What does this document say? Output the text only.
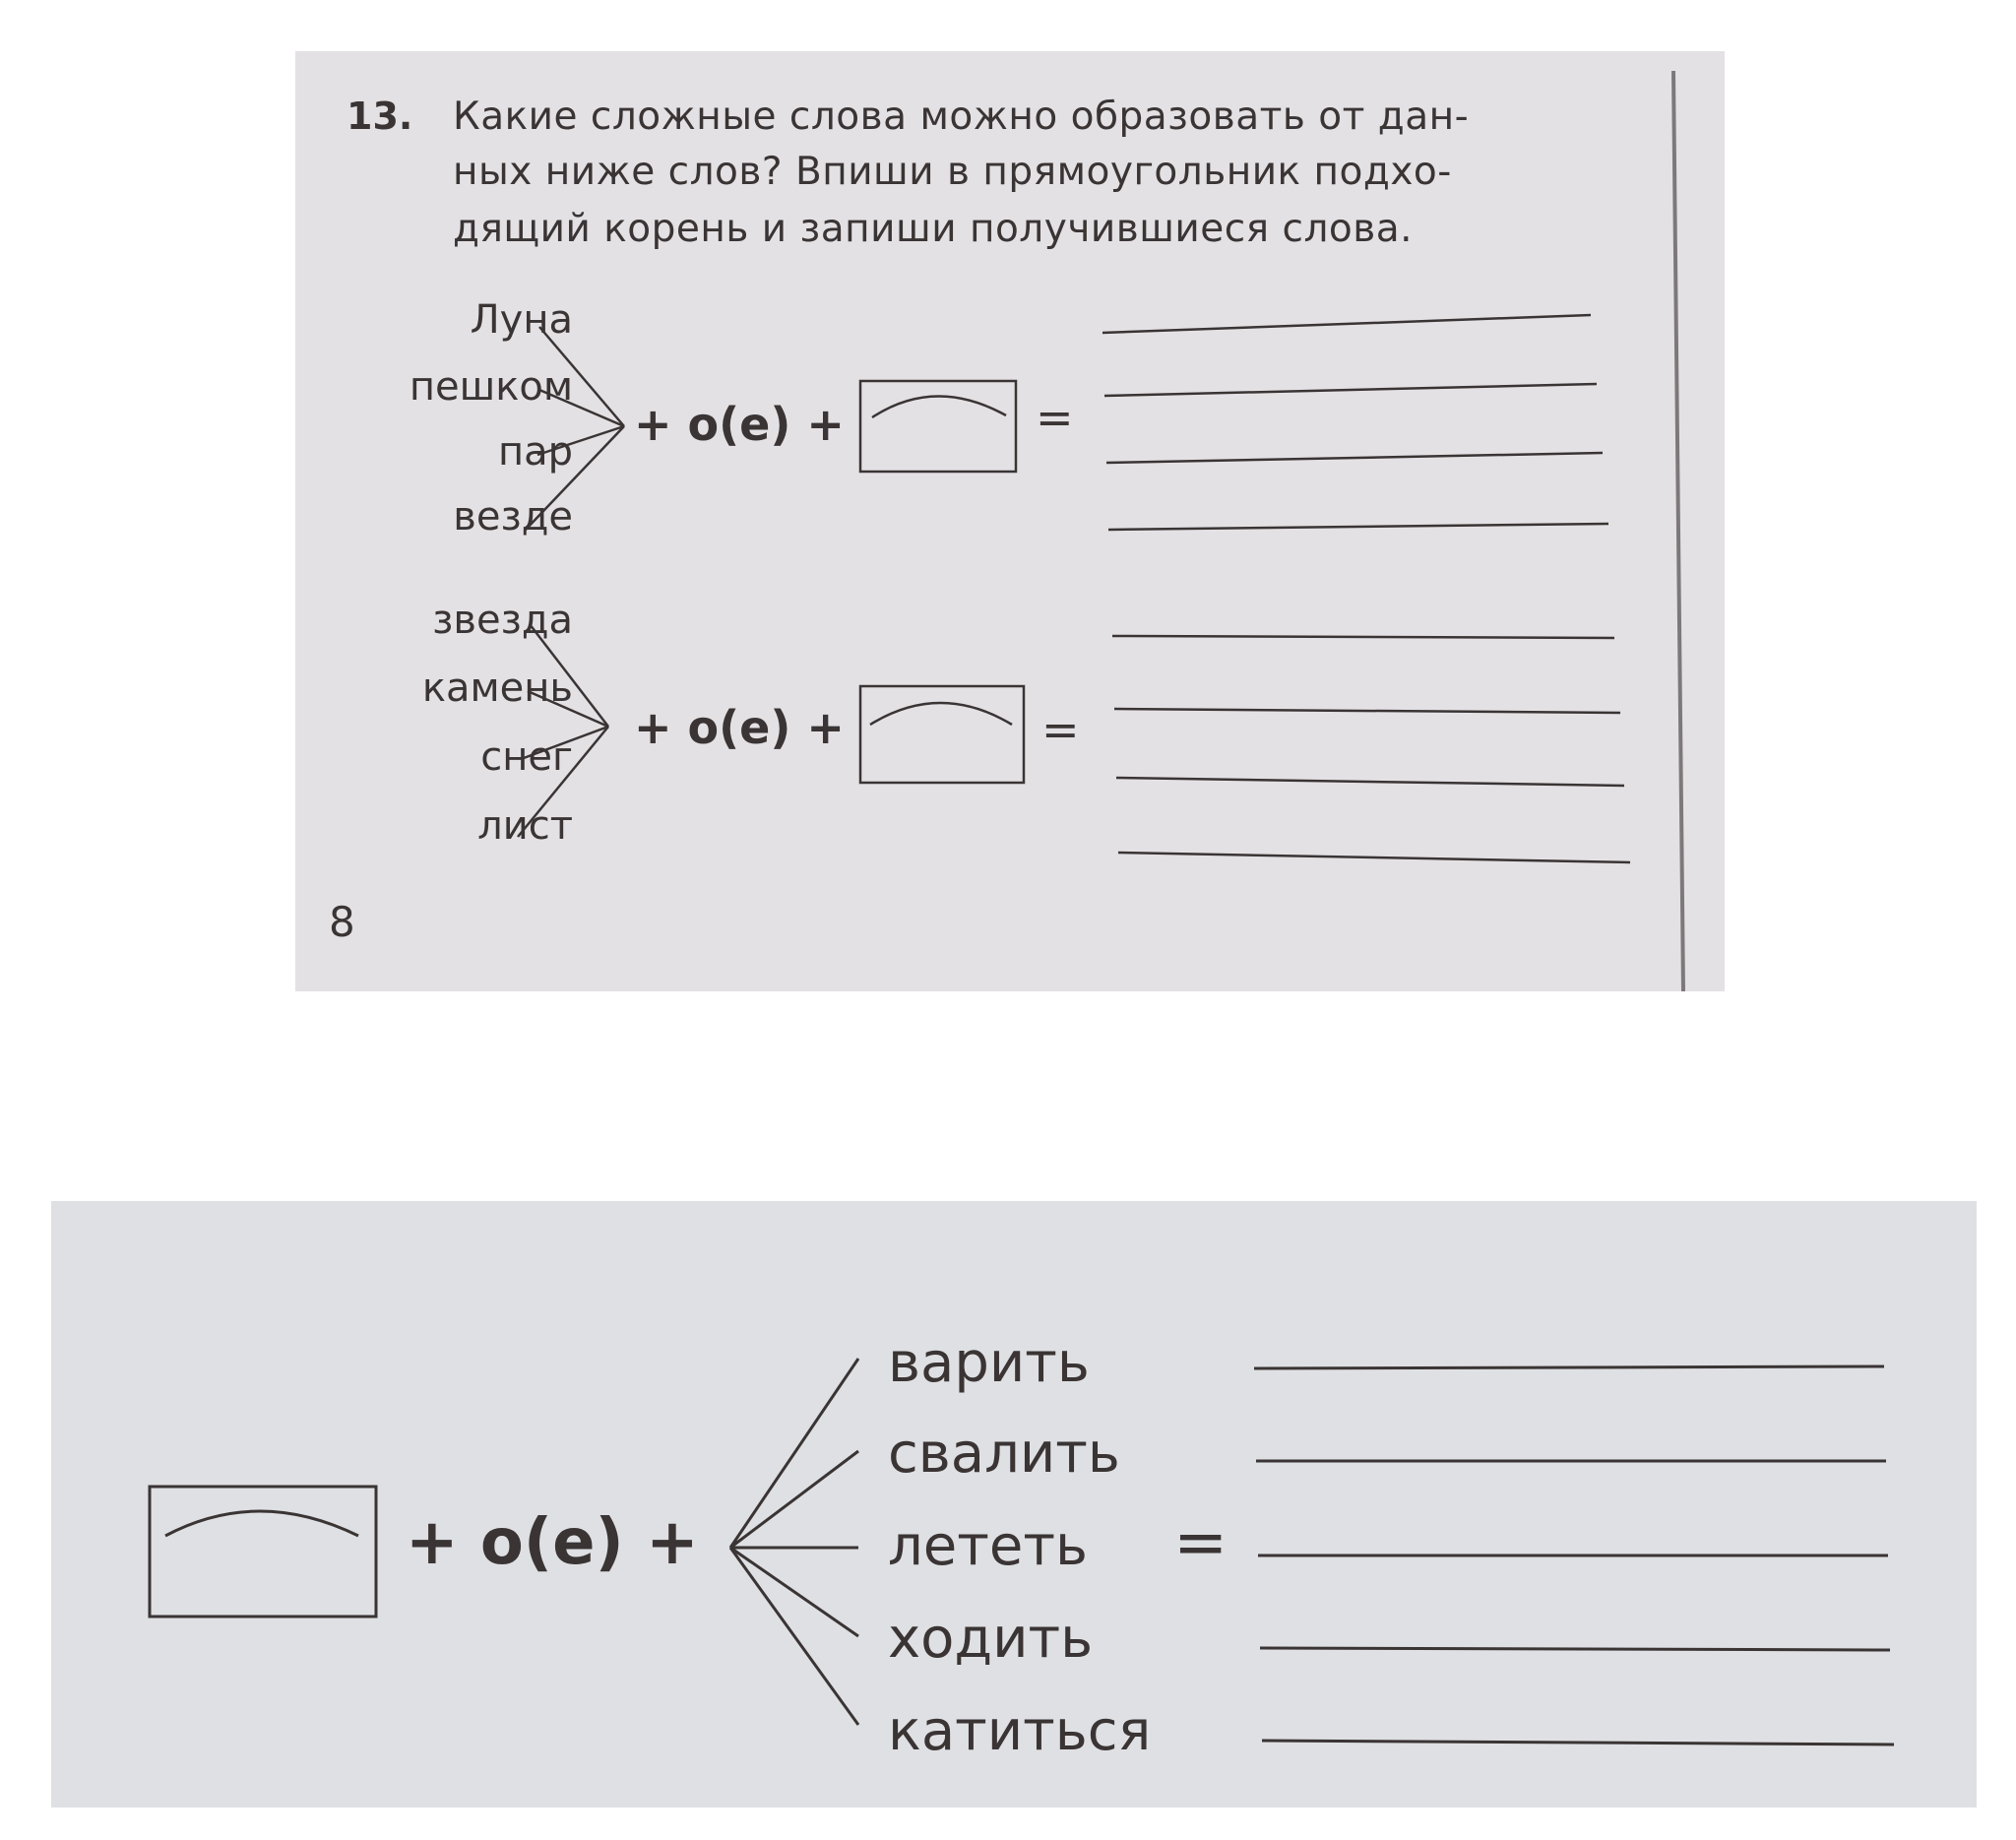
13. Какие сложные слова можно образовать от дан-
ных ниже слов? Впиши в прямоугольник подхо-
дящий корень и запиши получившиеся слова.
Луна
пешком
пар
везде
+ о(е) +	=
звезда
камень
снег
лист
+ о(е) +	=
8
+ о(е) +
варить
свалить
лететь
ходить
катиться
=
